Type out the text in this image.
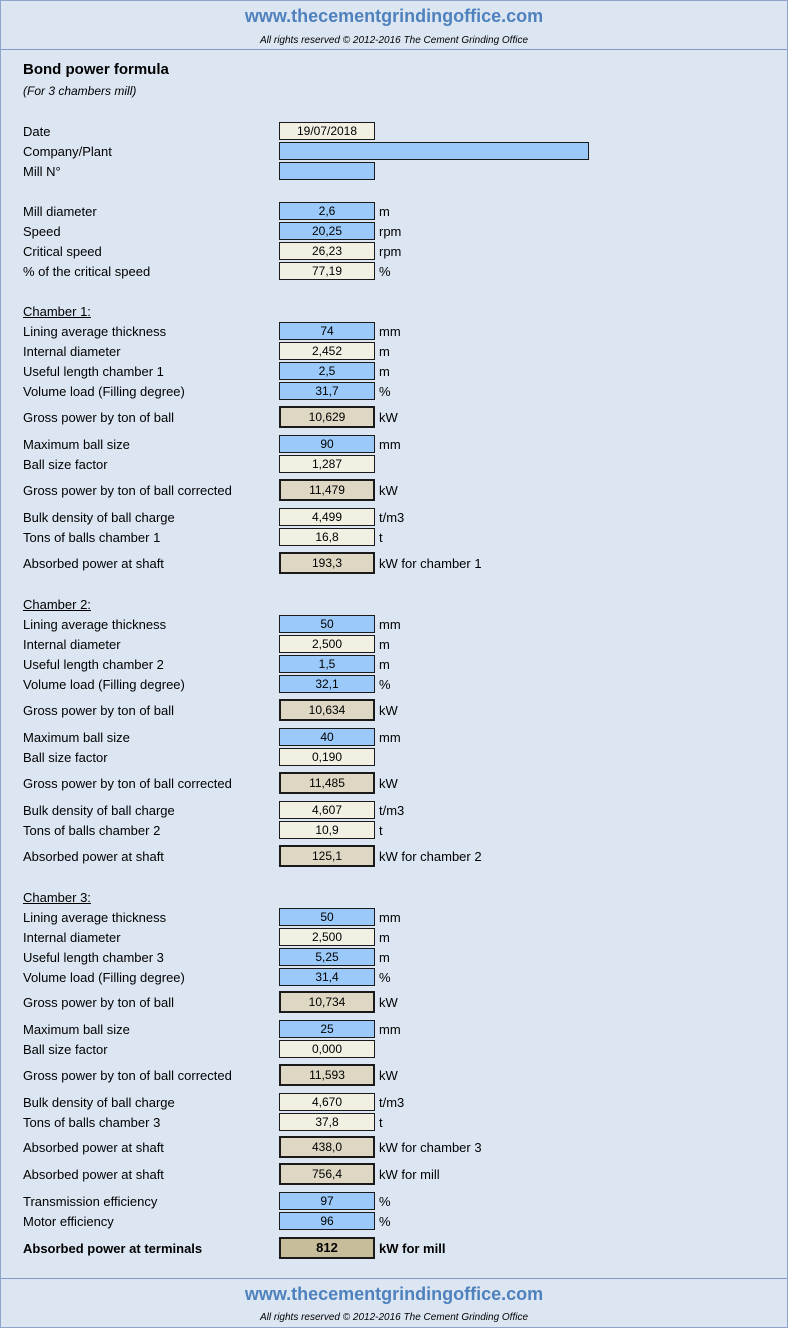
www.thecementgrindingoffice.com
All rights reserved © 2012-2016 The Cement Grinding Office
Bond power formula
(For 3 chambers mill)
Date	19/07/2018
Company/Plant
Mill N°
Mill diameter	2,6	m
Speed	20,25	rpm
Critical speed	26,23	rpm
% of the critical speed	77,19	%
Chamber 1:
Lining average thickness	74	mm
Internal diameter	2,452	m
Useful length chamber 1	2,5	m
Volume load (Filling degree)	31,7	%
Gross power by ton of ball	10,629	kW
Maximum ball size	90	mm
Ball size factor	1,287
Gross power by ton of ball corrected	11,479	kW
Bulk density of ball charge	4,499	t/m3
Tons of balls chamber 1	16,8	t
Absorbed power at shaft	193,3	kW for chamber 1
Chamber 2:
Lining average thickness	50	mm
Internal diameter	2,500	m
Useful length chamber 2	1,5	m
Volume load (Filling degree)	32,1	%
Gross power by ton of ball	10,634	kW
Maximum ball size	40	mm
Ball size factor	0,190
Gross power by ton of ball corrected	11,485	kW
Bulk density of ball charge	4,607	t/m3
Tons of balls chamber 2	10,9	t
Absorbed power at shaft	125,1	kW for chamber 2
Chamber 3:
Lining average thickness	50	mm
Internal diameter	2,500	m
Useful length chamber 3	5,25	m
Volume load (Filling degree)	31,4	%
Gross power by ton of ball	10,734	kW
Maximum ball size	25	mm
Ball size factor	0,000
Gross power by ton of ball corrected	11,593	kW
Bulk density of ball charge	4,670	t/m3
Tons of balls chamber 3	37,8	t
Absorbed power at shaft	438,0	kW for chamber 3
Absorbed power at shaft	756,4	kW for mill
Transmission efficiency	97	%
Motor efficiency	96	%
Absorbed power at terminals	812	kW for mill
www.thecementgrindingoffice.com
All rights reserved © 2012-2016 The Cement Grinding Office
